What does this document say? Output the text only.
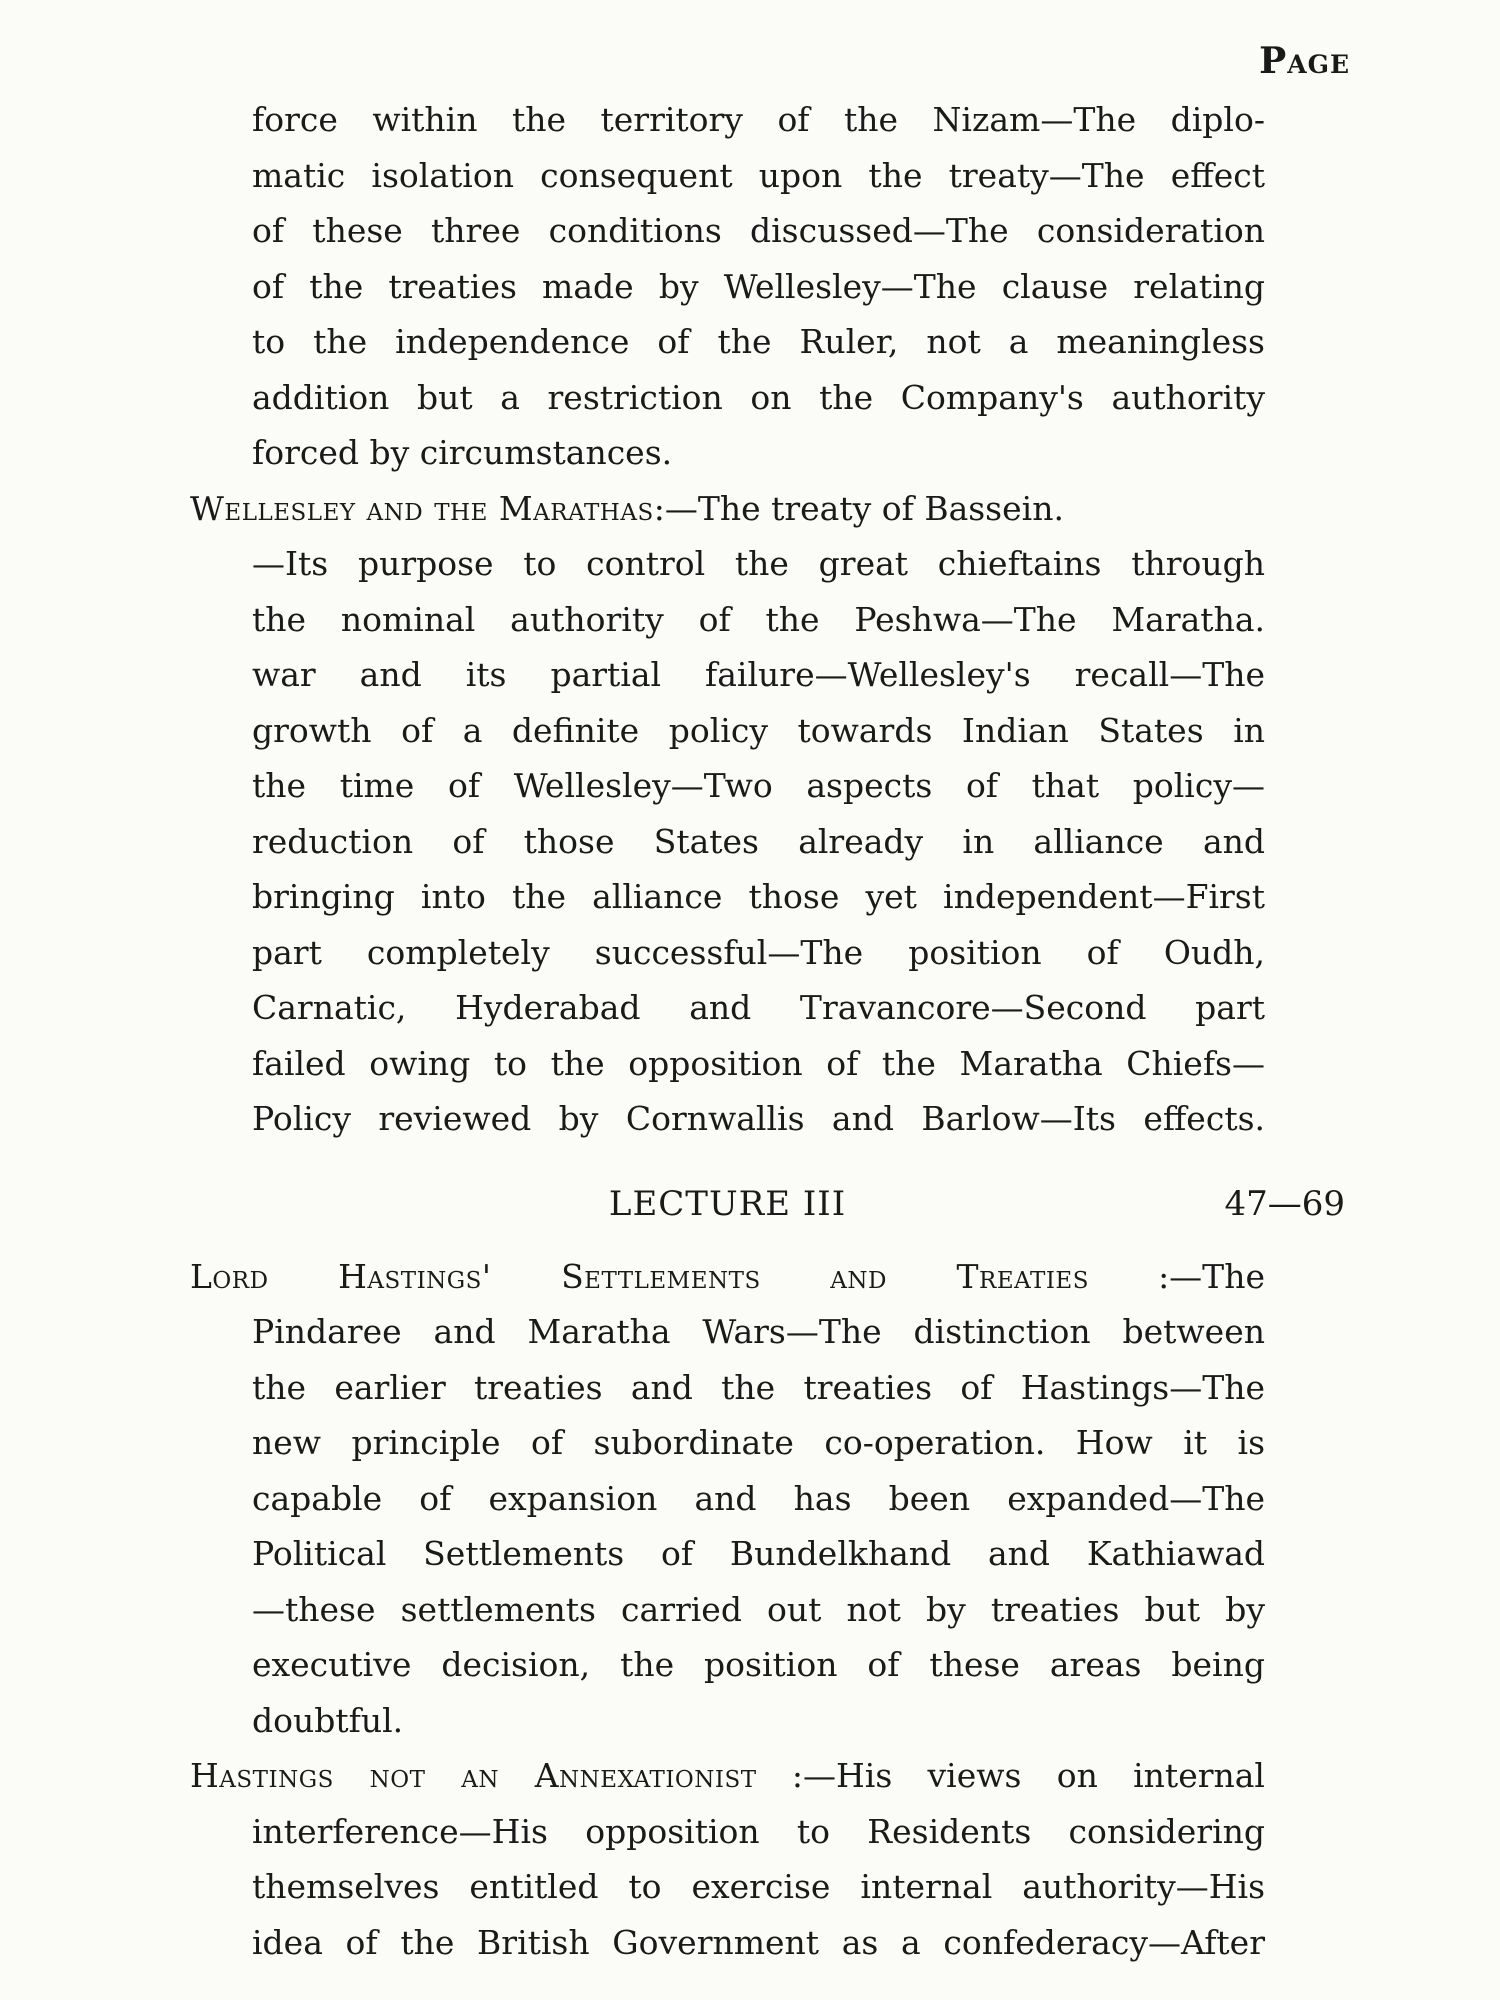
Page
force within the territory of the Nizam—The diplo-
matic isolation consequent upon the treaty—The effect
of these three conditions discussed—The consideration
of the treaties made by Wellesley—The clause relating
to the independence of the Ruler, not a meaningless
addition but a restriction on the Company's authority
forced by circumstances.
Wellesley and the Marathas:—The treaty of Bassein.
—Its purpose to control the great chieftains through
the nominal authority of the Peshwa—The Maratha.
war and its partial failure—Wellesley's recall—The
growth of a definite policy towards Indian States in
the time of Wellesley—Two aspects of that policy—
reduction of those States already in alliance and
bringing into the alliance those yet independent—First
part completely successful—The position of Oudh,
Carnatic, Hyderabad and Travancore—Second part
failed owing to the opposition of the Maratha Chiefs—
Policy reviewed by Cornwallis and Barlow—Its effects.
LECTURE III	47—69
Lord Hastings' Settlements and Treaties :—The
Pindaree and Maratha Wars—The distinction between
the earlier treaties and the treaties of Hastings—The
new principle of subordinate co-operation. How it is
capable of expansion and has been expanded—The
Political Settlements of Bundelkhand and Kathiawad
—these settlements carried out not by treaties but by
executive decision, the position of these areas being
doubtful.
Hastings not an Annexationist :—His views on internal
interference—His opposition to Residents considering
themselves entitled to exercise internal authority—His
idea of the British Government as a confederacy—After
